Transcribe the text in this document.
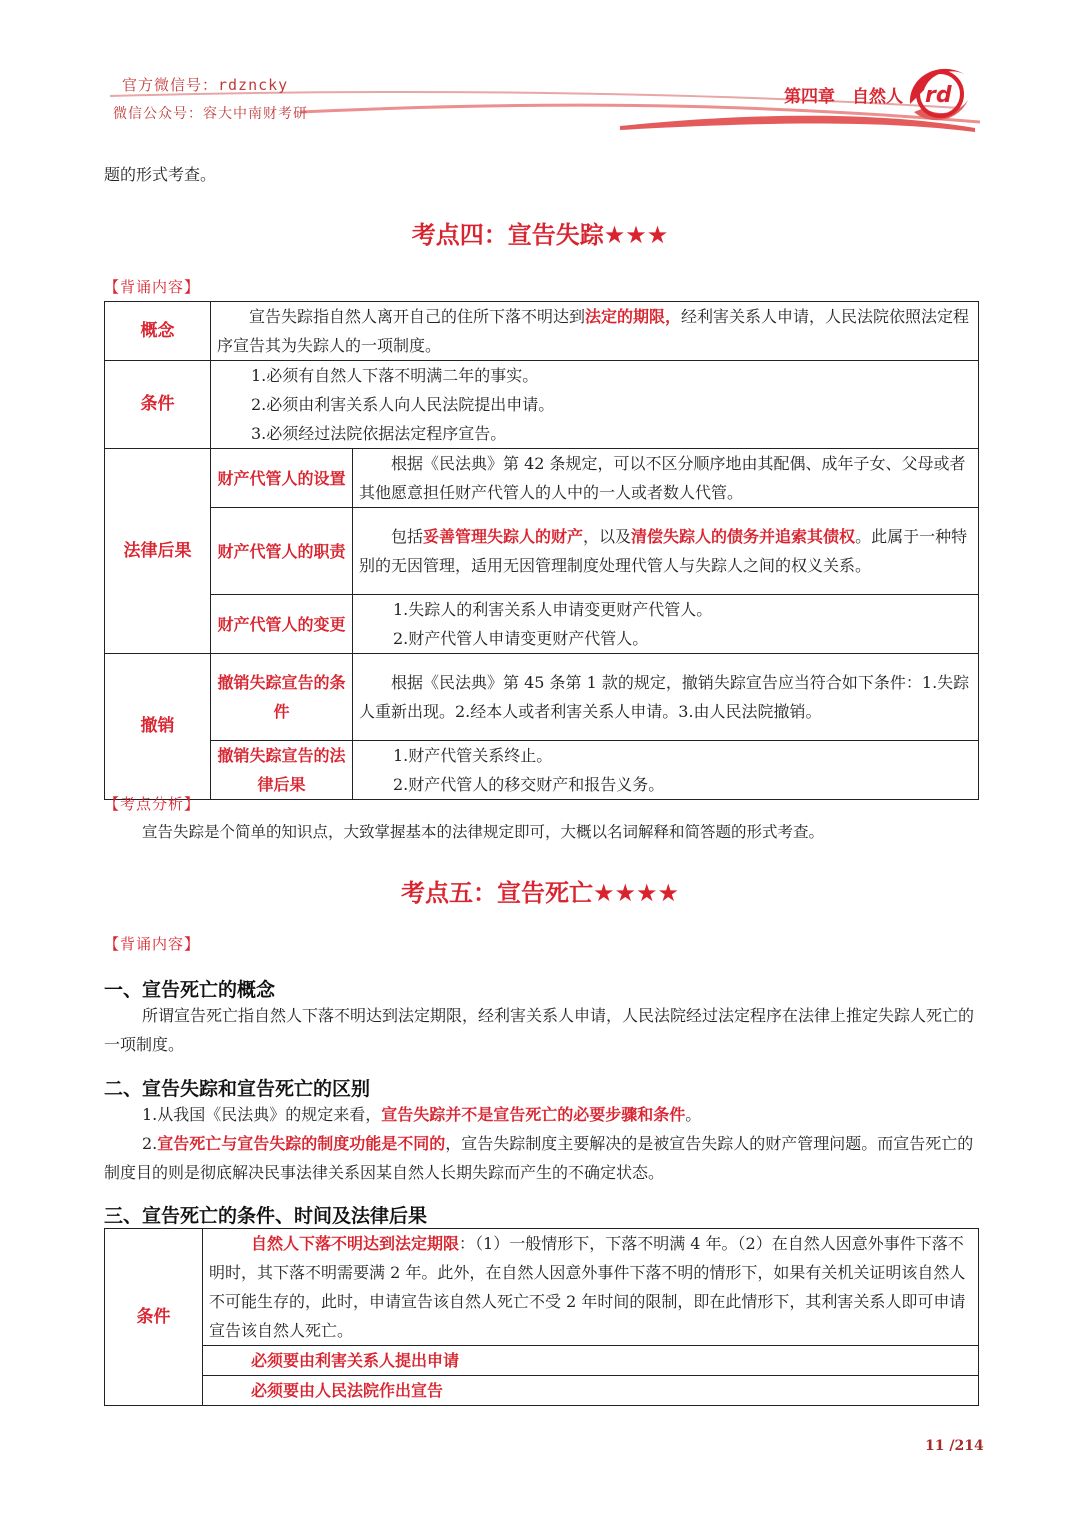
官方微信号：rdzncky
微信公众号：容大中南财考研
第四章　自然人 rd
题的形式考查。
考点四：宣告失踪★★★
【背诵内容】
概念	宣告失踪指自然人离开自己的住所下落不明达到法定的期限，经利害关系人申请，人民法院依照法定程序宣告其为失踪人的一项制度。	
条件	1.必须有自然人下落不明满二年的事实。
2.必须由利害关系人向人民法院提出申请。
3.必须经过法院依据法定程序宣告。	

法律后果	财产代管人的设置	根据《民法典》第 42 条规定，可以不区分顺序地由其配偶、成年子女、父母或者其他愿意担任财产代管人的人中的一人或者数人代管。
	财产代管人的职责	包括妥善管理失踪人的财产，以及清偿失踪人的债务并追索其债权。此属于一种特别的无因管理，适用无因管理制度处理代管人与失踪人之间的权义关系。
	财产代管人的变更	1.失踪人的利害关系人申请变更财产代管人。
2.财产代管人申请变更财产代管人。

撤销	撤销失踪宣告的条件	根据《民法典》第 45 条第 1 款的规定，撤销失踪宣告应当符合如下条件：1.失踪人重新出现。2.经本人或者利害关系人申请。3.由人民法院撤销。
	撤销失踪宣告的法律后果	1.财产代管关系终止。
2.财产代管人的移交财产和报告义务。
【考点分析】
宣告失踪是个简单的知识点，大致掌握基本的法律规定即可，大概以名词解释和简答题的形式考查。
考点五：宣告死亡★★★★
【背诵内容】
一、宣告死亡的概念
所谓宣告死亡指自然人下落不明达到法定期限，经利害关系人申请，人民法院经过法定程序在法律上推定失踪人死亡的一项制度。
二、宣告失踪和宣告死亡的区别
1.从我国《民法典》的规定来看，宣告失踪并不是宣告死亡的必要步骤和条件。
2.宣告死亡与宣告失踪的制度功能是不同的，宣告失踪制度主要解决的是被宣告失踪人的财产管理问题。而宣告死亡的制度目的则是彻底解决民事法律关系因某自然人长期失踪而产生的不确定状态。
三、宣告死亡的条件、时间及法律后果
条件	自然人下落不明达到法定期限：（1）一般情形下，下落不明满 4 年。（2）在自然人因意外事件下落不明时，其下落不明需要满 2 年。此外，在自然人因意外事件下落不明的情形下，如果有关机关证明该自然人不可能生存的，此时，申请宣告该自然人死亡不受 2 年时间的限制，即在此情形下，其利害关系人即可申请宣告该自然人死亡。
必须要由利害关系人提出申请
必须要由人民法院作出宣告
11 /214
